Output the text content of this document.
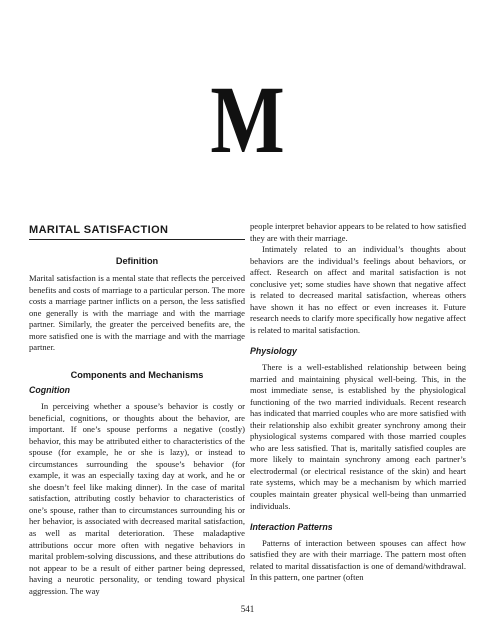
M
MARITAL SATISFACTION
Definition

Marital satisfaction is a mental state that reflects the perceived benefits and costs of marriage to a particular person. The more costs a marriage partner inflicts on a person, the less satisfied one generally is with the marriage and with the marriage partner. Similarly, the greater the perceived benefits are, the more satisfied one is with the marriage and with the marriage partner.

Components and Mechanisms
Cognition

In perceiving whether a spouse’s behavior is costly or beneficial, cognitions, or thoughts about the behavior, are important. If one’s spouse performs a negative (costly) behavior, this may be attributed either to characteristics of the spouse (for example, he or she is lazy), or instead to circumstances surrounding the spouse’s behavior (for example, it was an especially taxing day at work, and he or she doesn’t feel like making dinner). In the case of marital satisfaction, attributing costly behavior to characteristics of one’s spouse, rather than to circumstances surrounding his or her behavior, is associated with decreased marital satisfaction, as well as marital deterioration. These maladaptive attributions occur more often with negative behaviors in marital problem-solving discussions, and these attributions do not appear to be a result of either partner being depressed, having a neurotic personality, or tending toward physical aggression. The way

people interpret behavior appears to be related to how satisfied they are with their marriage.

Intimately related to an individual’s thoughts about behaviors are the individual’s feelings about behaviors, or affect. Research on affect and marital satisfaction is not conclusive yet; some studies have shown that negative affect is related to decreased marital satisfaction, whereas others have shown it has no effect or even increases it. Future research needs to clarify more specifically how negative affect is related to marital satisfaction.

Physiology

There is a well-established relationship between being married and maintaining physical well-being. This, in the most immediate sense, is established by the physiological functioning of the two married individuals. Recent research has indicated that married couples who are more satisfied with their relationship also exhibit greater synchrony among their physiological systems compared with those married couples who are less satisfied. That is, maritally satisfied couples are more likely to maintain synchrony among each partner’s electrodermal (or electrical resistance of the skin) and heart rate systems, which may be a mechanism by which married couples maintain greater physical well-being than unmarried individuals.

Interaction Patterns

Patterns of interaction between spouses can affect how satisfied they are with their marriage. The pattern most often related to marital dissatisfaction is one of demand/withdrawal. In this pattern, one partner (often

541
